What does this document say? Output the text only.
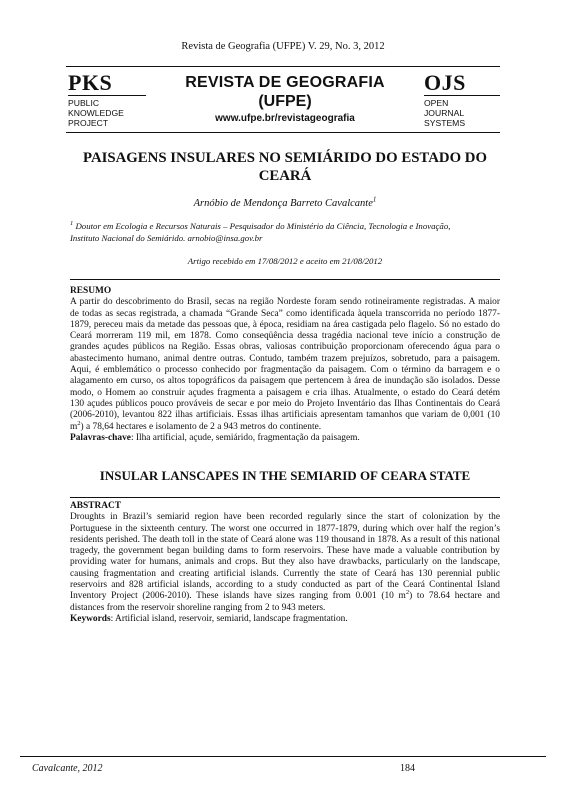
Revista de Geografia (UFPE) V. 29, No. 3, 2012
PKS
PUBLIC
KNOWLEDGE
PROJECT
REVISTA DE GEOGRAFIA
(UFPE)
www.ufpe.br/revistageografia
OJS
OPEN
JOURNAL
SYSTEMS
PAISAGENS INSULARES NO SEMIÁRIDO DO ESTADO DO
CEARÁ
Arnóbio de Mendonça Barreto Cavalcante$^1$
$^1$ Doutor em Ecologia e Recursos Naturais – Pesquisador do Ministério da Ciência, Tecnologia e Inovação,
Instituto Nacional do Semiárido. arnobio@insa.gov.br
Artigo recebido em 17/08/2012 e aceito em 21/08/2012
RESUMO
A partir do descobrimento do Brasil, secas na região Nordeste foram sendo rotineiramente registradas. A maior
de todas as secas registrada, a chamada “Grande Seca” como identificada àquela transcorrida no período 1877-
1879, pereceu mais da metade das pessoas que, à época, residiam na área castigada pelo flagelo. Só no estado do
Ceará morreram 119 mil, em 1878. Como conseqüência dessa tragédia nacional teve início a construção de
grandes açudes públicos na Região. Essas obras, valiosas contribuição proporcionam oferecendo água para o
abastecimento humano, animal dentre outras. Contudo, também trazem prejuízos, sobretudo, para a paisagem.
Aqui, é emblemático o processo conhecido por fragmentação da paisagem. Com o término da barragem e o
alagamento em curso, os altos topográficos da paisagem que pertencem à área de inundação são isolados. Desse
modo, o Homem ao construir açudes fragmenta a paisagem e cria ilhas. Atualmente, o estado do Ceará detém
130 açudes públicos pouco prováveis de secar e por meio do Projeto Inventário das Ilhas Continentais do Ceará
(2006-2010), levantou 822 ilhas artificiais. Essas ilhas artificiais apresentam tamanhos que variam de 0,001 (10
$m^2$) a 78,64 hectares e isolamento de 2 a 943 metros do continente.
Palavras-chave: Ilha artificial, açude, semiárido, fragmentação da paisagem.
INSULAR LANSCAPES IN THE SEMIARID OF CEARA STATE
ABSTRACT

Droughts in Brazil’s semiarid region have been recorded regularly since the start of colonization by the Portuguese in the sixteenth century. The worst one occurred in 1877-1879, during which over half the region’s residents perished. The death toll in the state of Ceará alone was 119 thousand in 1878. As a result of this national tragedy, the government began building dams to form reservoirs. These have made a valuable contribution by providing water for humans, animals and crops. But they also have drawbacks, particularly on the landscape, causing fragmentation and creating artificial islands. Currently the state of Ceará has 130 perennial public reservoirs and 828 artificial islands, according to a study conducted as part of the Ceará Continental Island Inventory Project (2006-2010). These islands have sizes ranging from 0.001 (10 $m^2$) to 78.64 hectare and distances from the reservoir shoreline ranging from 2 to 943 meters.

Keywords: Artificial island, reservoir, semiarid, landscape fragmentation.
Cavalcante, 2012	184
